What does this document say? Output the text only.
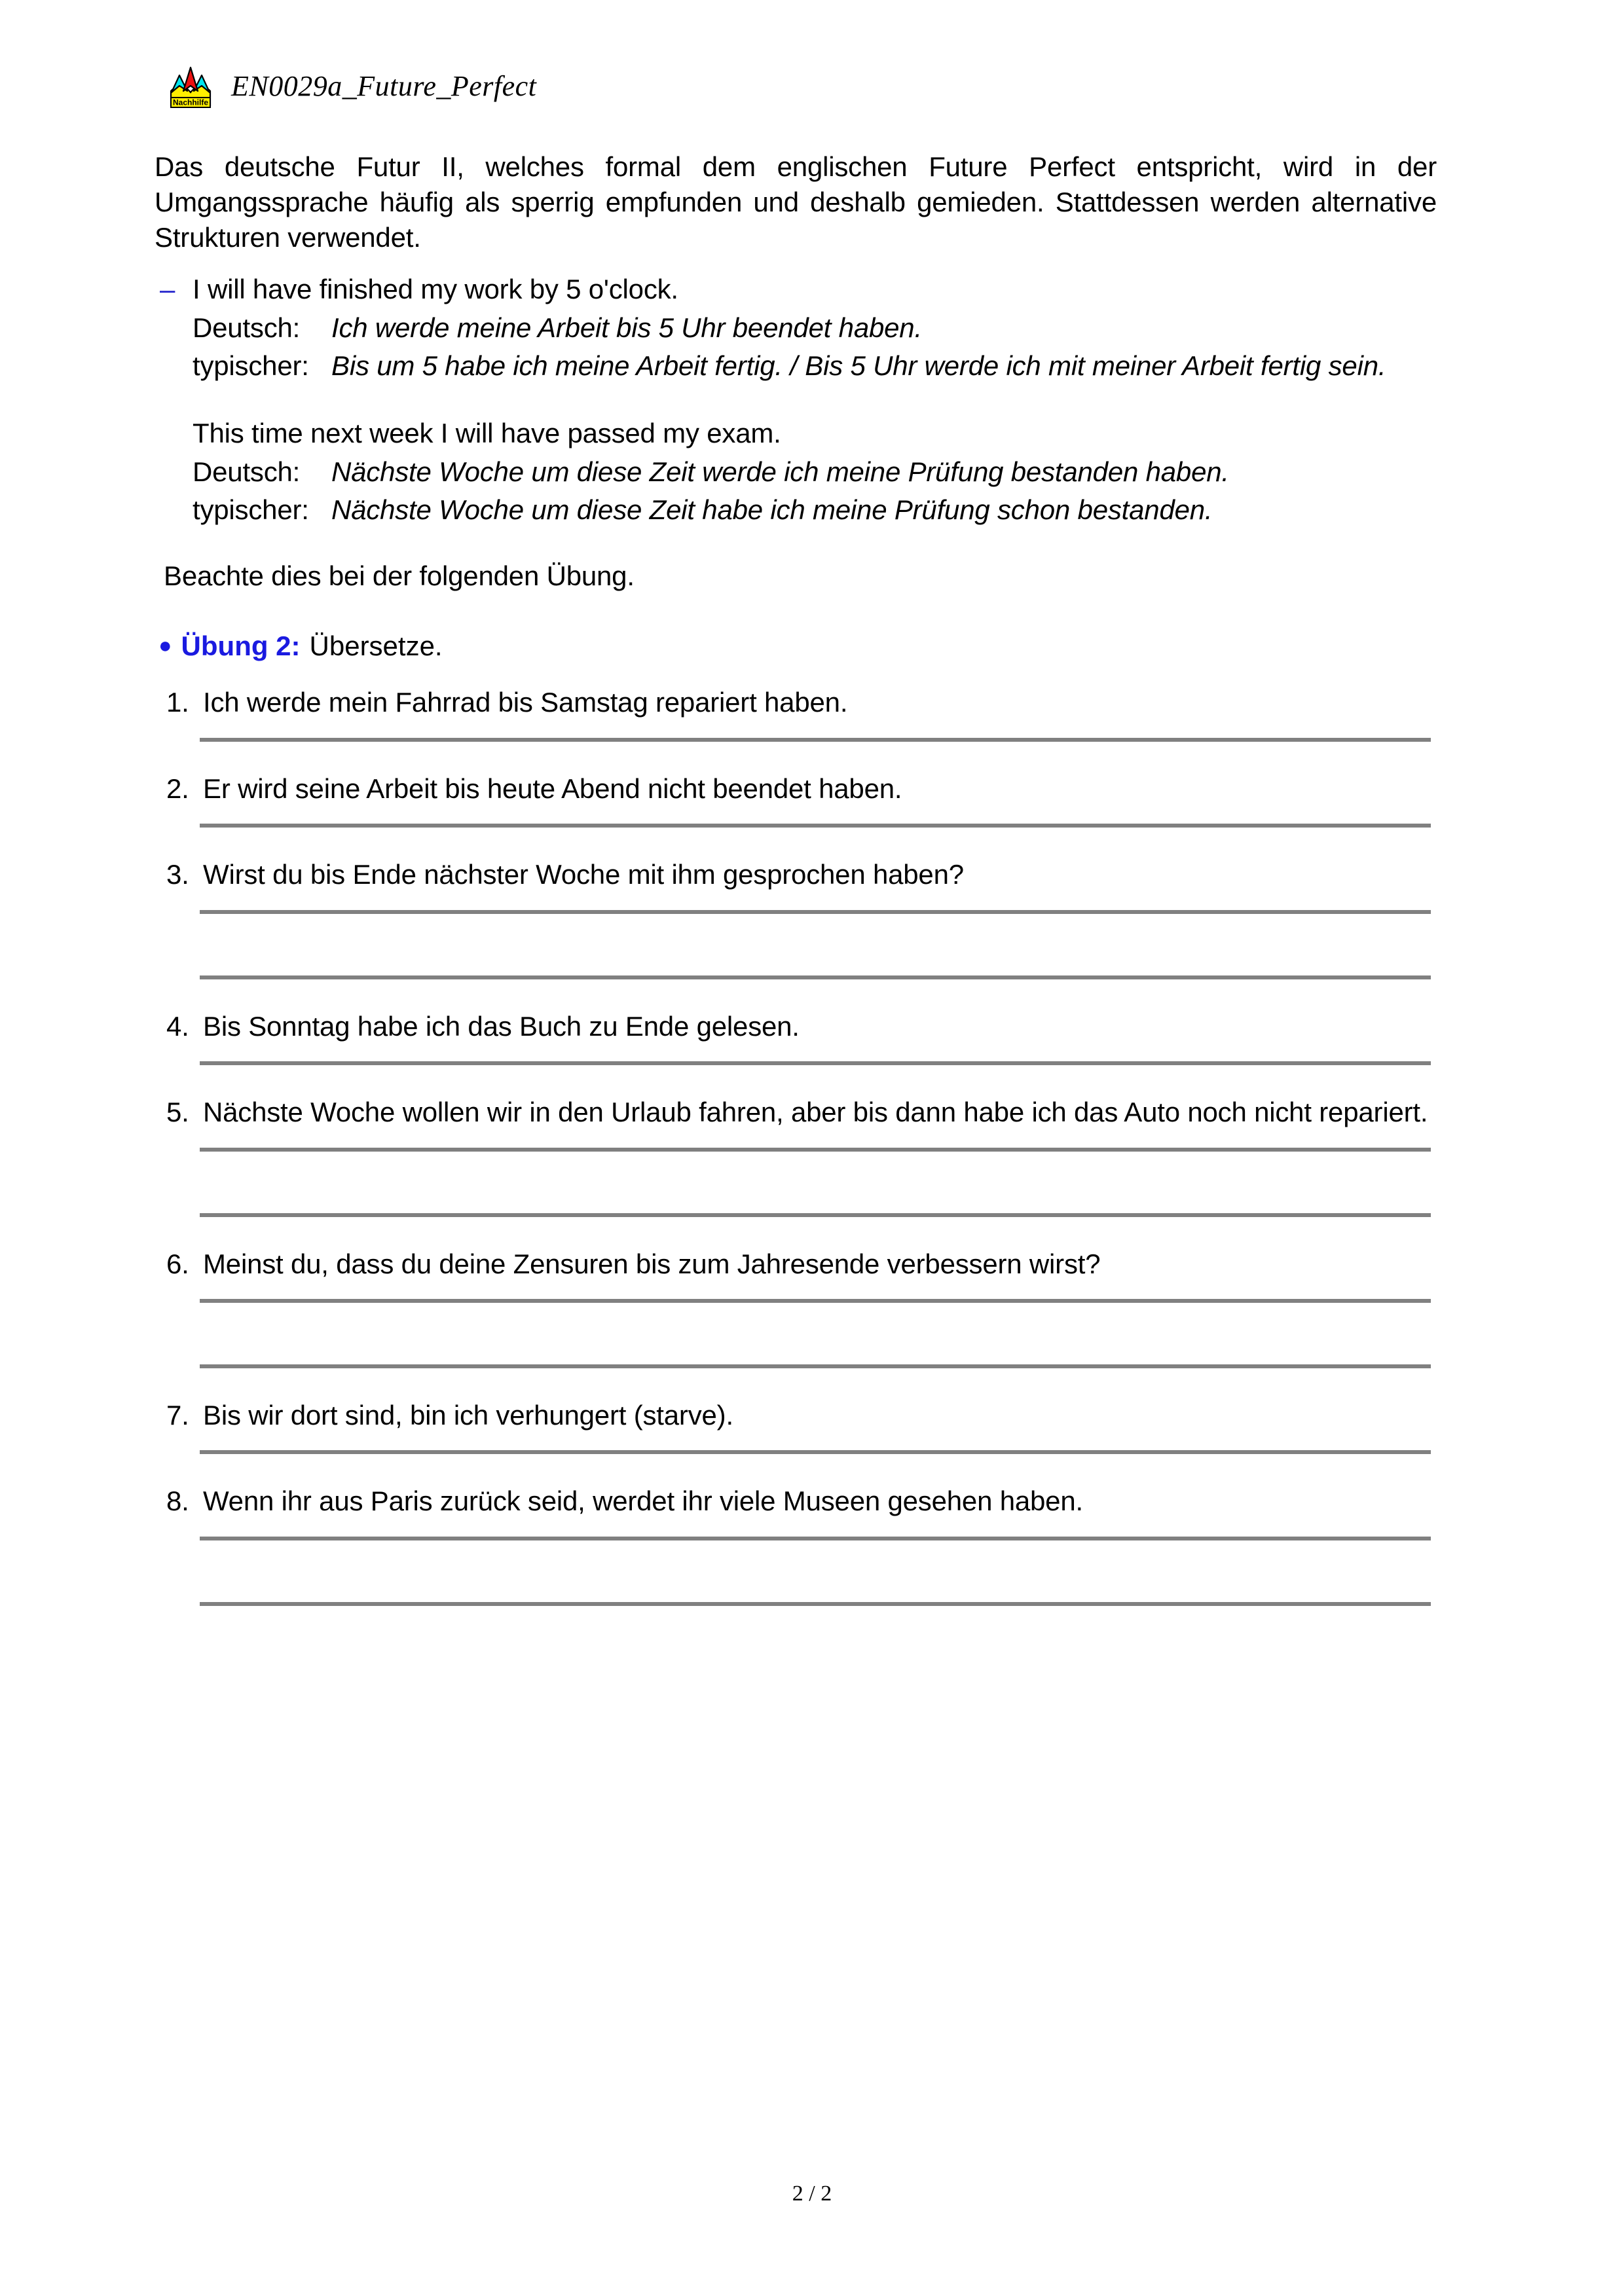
Nachhilfe
EN0029a_Future_Perfect

Das deutsche Futur II, welches formal dem englischen Future Perfect entspricht, wird in der Umgangssprache häufig als sperrig empfunden und deshalb gemieden. Stattdessen werden alternative Strukturen verwendet.

– I will have finished my work by 5 o'clock.
Deutsch:	Ich werde meine Arbeit bis 5 Uhr beendet haben.
typischer: Bis um 5 habe ich meine Arbeit fertig. / Bis 5 Uhr werde ich mit meiner Arbeit fertig sein.
This time next week I will have passed my exam.
Deutsch:	Nächste Woche um diese Zeit werde ich meine Prüfung bestanden haben.
typischer: Nächste Woche um diese Zeit habe ich meine Prüfung schon bestanden.

Beachte dies bei der folgenden Übung.

● Übung 2: Übersetze.
1. Ich werde mein Fahrrad bis Samstag repariert haben.
2. Er wird seine Arbeit bis heute Abend nicht beendet haben.
3. Wirst du bis Ende nächster Woche mit ihm gesprochen haben?
4. Bis Sonntag habe ich das Buch zu Ende gelesen.
5. Nächste Woche wollen wir in den Urlaub fahren, aber bis dann habe ich das Auto noch nicht repariert.
6. Meinst du, dass du deine Zensuren bis zum Jahresende verbessern wirst?
7. Bis wir dort sind, bin ich verhungert (starve).
8. Wenn ihr aus Paris zurück seid, werdet ihr viele Museen gesehen haben.
2 / 2
